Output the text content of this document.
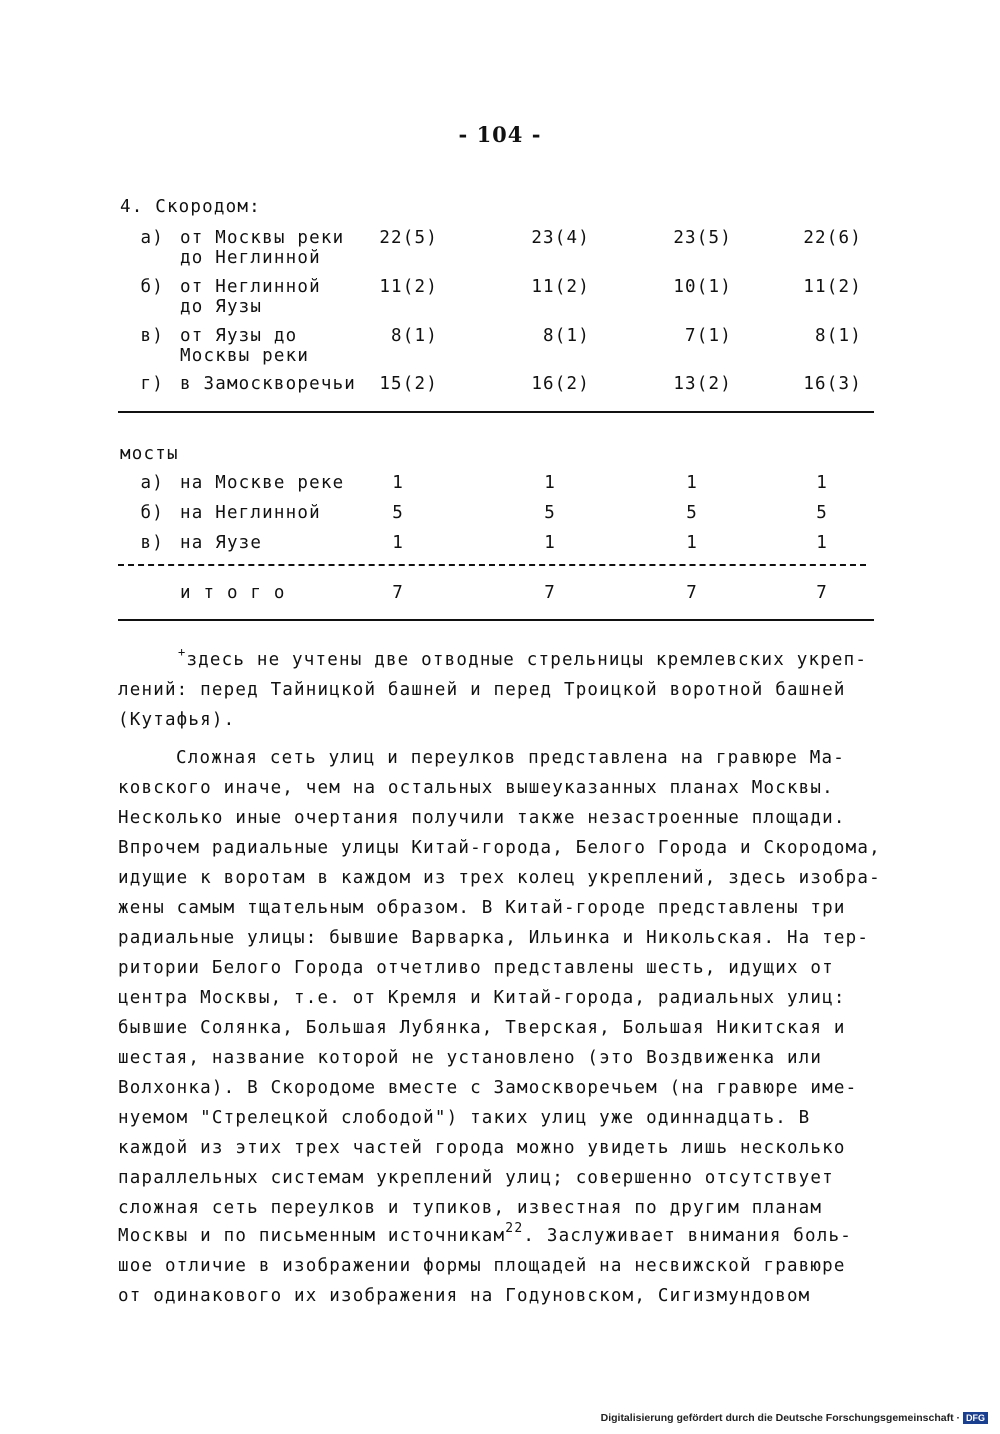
- 104 -
4. Скородом:
а) от Москвы реки
до Неглинной
22(5)	23(4)	23(5)	22(6)
б) от Неглинной
до Яузы
11(2)	11(2)	10(1)	11(2)
в) от Яузы до
Москвы реки
8(1)	8(1)	7(1)	8(1)
г) в Замоскворечьи	15(2)	16(2)	13(2)	16(3)
мосты
а) на Москве реке	1	1	1	1
б) на Неглинной	5	5	5	5
в) на Яузе	1	1	1	1
и т о г о	7	7	7	7
+здесь не учтены две отводные стрельницы кремлевских укреп-
лений: перед Тайницкой башней и перед Троицкой воротной башней
(Кутафья).
Сложная сеть улиц и переулков представлена на гравюре Ма-
ковского иначе, чем на остальных вышеуказанных планах Москвы.
Несколько иные очертания получили также незастроенные площади.
Впрочем радиальные улицы Китай-города, Белого Города и Скородома,
идущие к воротам в каждом из трех колец укреплений, здесь изобра-
жены самым тщательным образом. В Китай-городе представлены три
радиальные улицы: бывшие Варварка, Ильинка и Никольская. На тер-
ритории Белого Города отчетливо представлены шесть, идущих от
центра Москвы, т.е. от Кремля и Китай-города, радиальных улиц:
бывшие Солянка, Большая Лубянка, Тверская, Большая Никитская и
шестая, название которой не установлено (это Воздвиженка или
Волхонка). В Скородоме вместе с Замоскворечьем (на гравюре име-
нуемом "Стрелецкой слободой") таких улиц уже одиннадцать. В
каждой из этих трех частей города можно увидеть лишь несколько
параллельных системам укреплений улиц; совершенно отсутствует
сложная сеть переулков и тупиков, известная по другим планам
Москвы и по письменным источникам$^{22}$. Заслуживает внимания боль-
шое отличие в изображении формы площадей на несвижской гравюре
от одинакового их изображения на Годуновском, Сигизмундовом
Digitalisierung gefördert durch die Deutsche Forschungsgemeinschaft · DFG
